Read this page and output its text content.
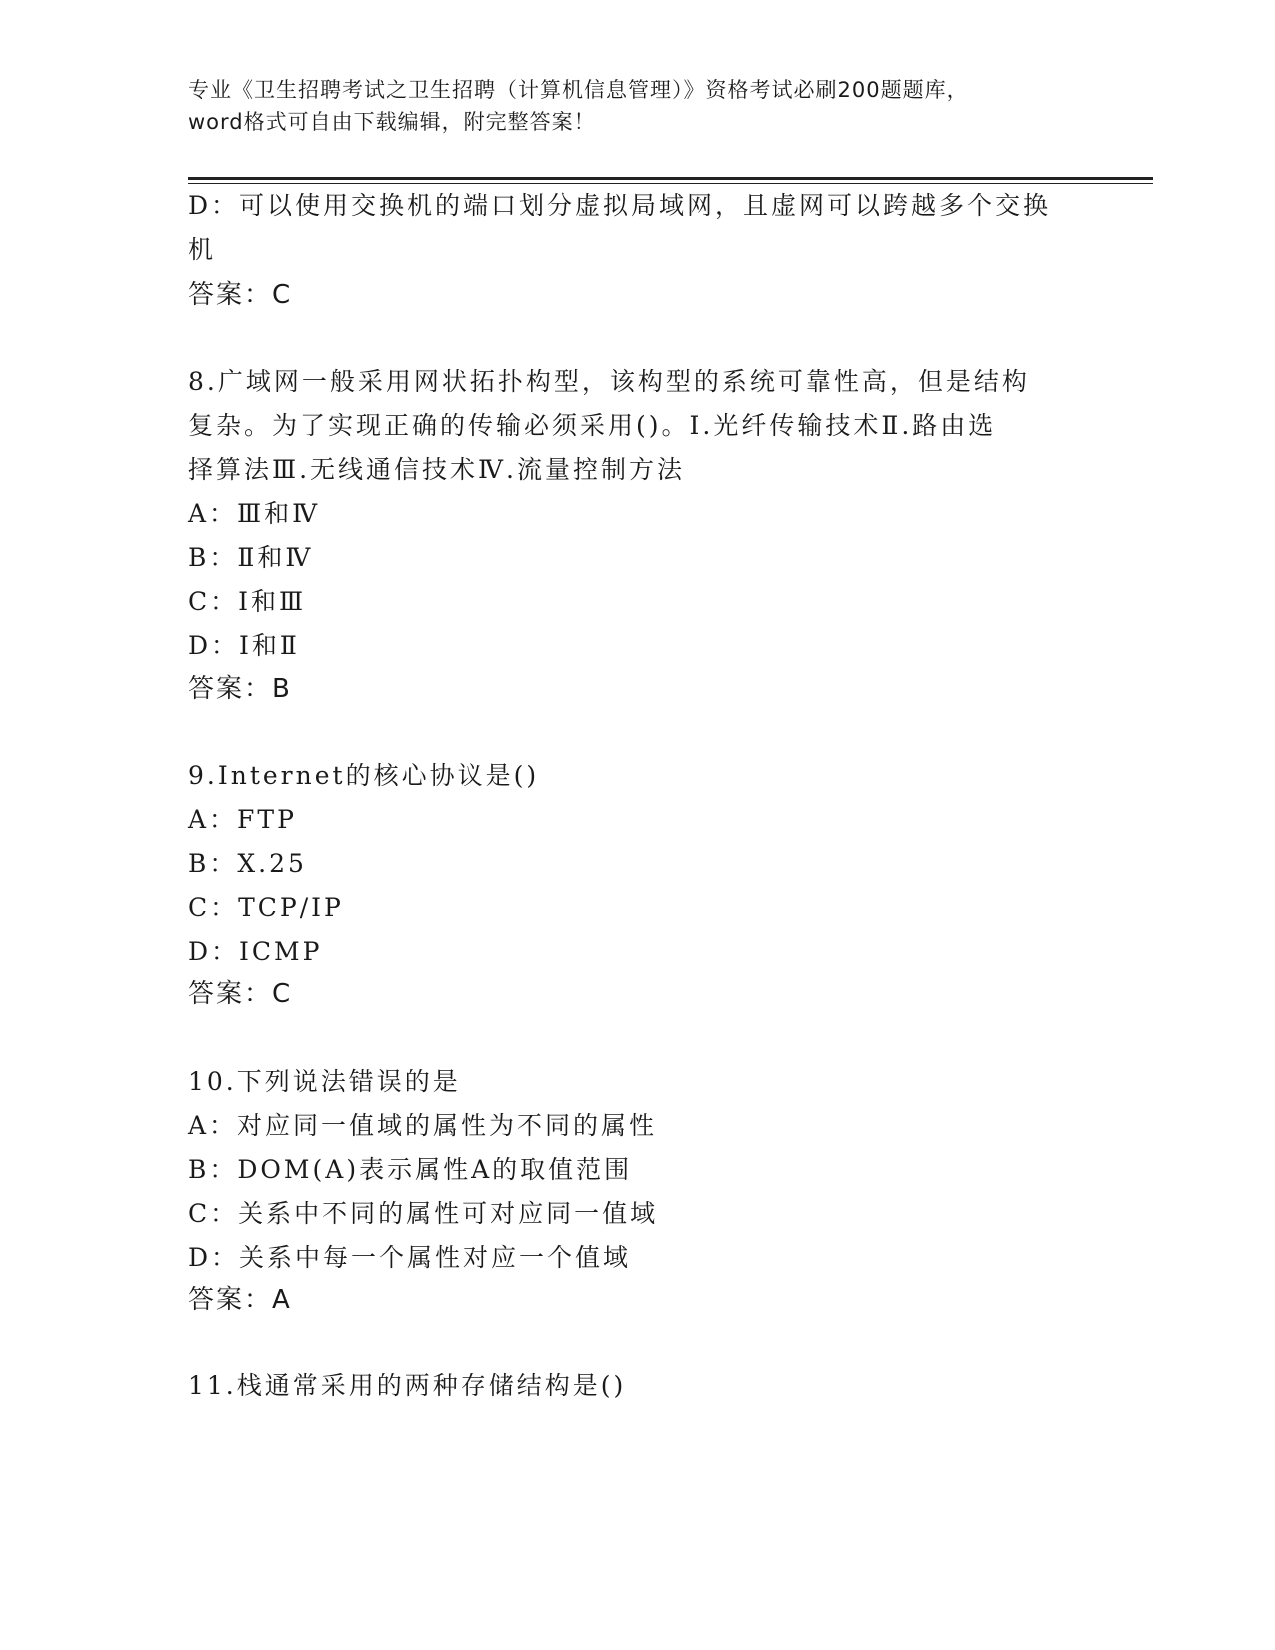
专业《卫生招聘考试之卫生招聘（计算机信息管理）》资格考试必刷200题题库，
word格式可自由下载编辑，附完整答案！
D：可以使用交换机的端口划分虚拟局域网，且虚网可以跨越多个交换
机
答案：C
8.广域网一般采用网状拓扑构型，该构型的系统可靠性高，但是结构
复杂。为了实现正确的传输必须采用()。Ⅰ.光纤传输技术Ⅱ.路由选
择算法Ⅲ.无线通信技术Ⅳ.流量控制方法
A：Ⅲ和Ⅳ
B：Ⅱ和Ⅳ
C：Ⅰ和Ⅲ
D：Ⅰ和Ⅱ
答案：B
9.Internet的核心协议是()
A：FTP
B：X.25
C：TCP/IP
D：ICMP
答案：C
10.下列说法错误的是
A：对应同一值域的属性为不同的属性
B：DOM(A)表示属性A的取值范围
C：关系中不同的属性可对应同一值域
D：关系中每一个属性对应一个值域
答案：A
11.栈通常采用的两种存储结构是()
